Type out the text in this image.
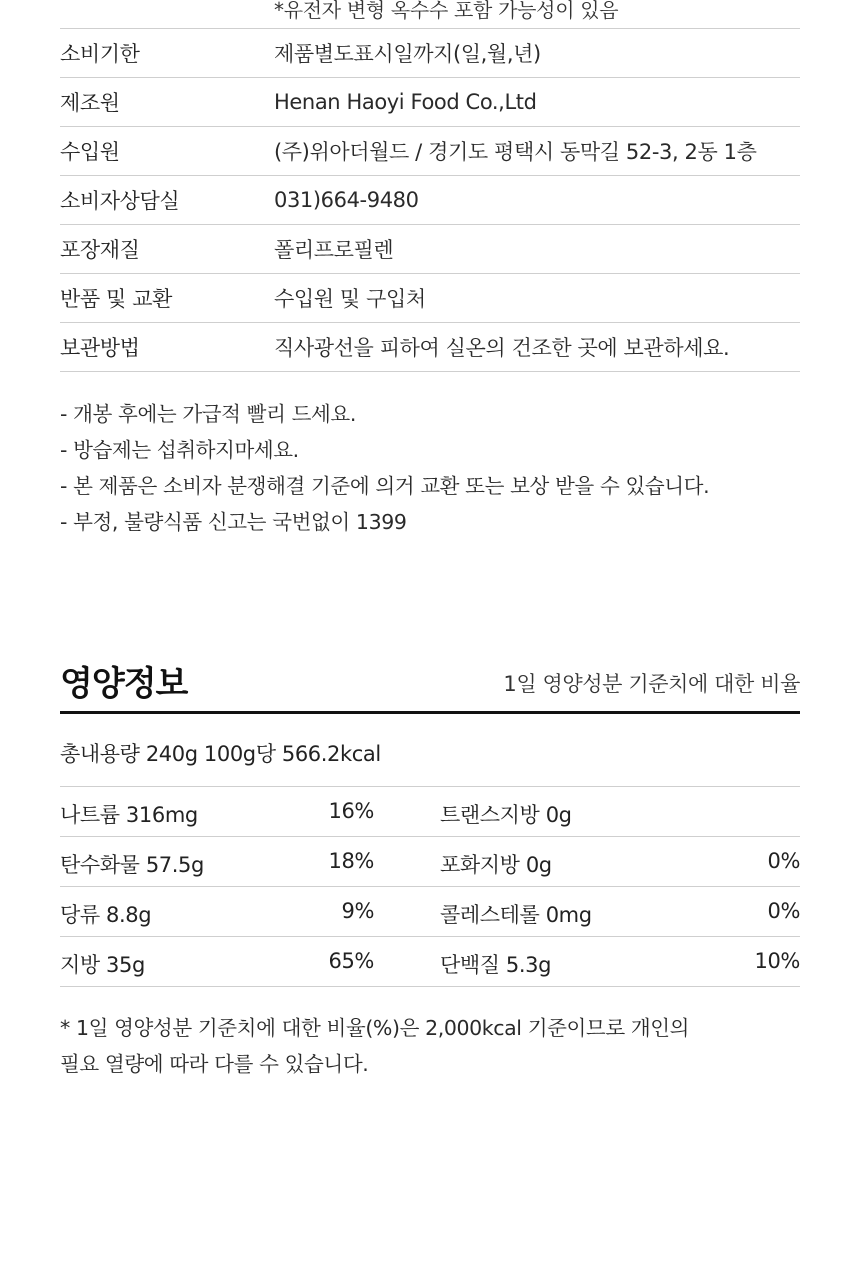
*유전자 변형 옥수수 포함 가능성이 있음
소비기한	제품별도표시일까지(일,월,년)
제조원	Henan Haoyi Food Co.,Ltd
수입원	(주)위아더월드 / 경기도 평택시 동막길 52-3, 2동 1층
소비자상담실	031)664-9480
포장재질	폴리프로필렌
반품 및 교환	수입원 및 구입처
보관방법	직사광선을 피하여 실온의 건조한 곳에 보관하세요.
- 개봉 후에는 가급적 빨리 드세요.
- 방습제는 섭취하지마세요.
- 본 제품은 소비자 분쟁해결 기준에 의거 교환 또는 보상 받을 수 있습니다.
- 부정, 불량식품 신고는 국번없이 1399
영양정보	1일 영양성분 기준치에 대한 비율
총내용량 240g 100g당 566.2kcal
나트륨 316mg	16%	트랜스지방 0g
탄수화물 57.5g	18%	포화지방 0g	0%
당류 8.8g	9%	콜레스테롤 0mg	0%
지방 35g	65%	단백질 5.3g	10%
* 1일 영양성분 기준치에 대한 비율(%)은 2,000kcal 기준이므로 개인의
필요 열량에 따라 다를 수 있습니다.
